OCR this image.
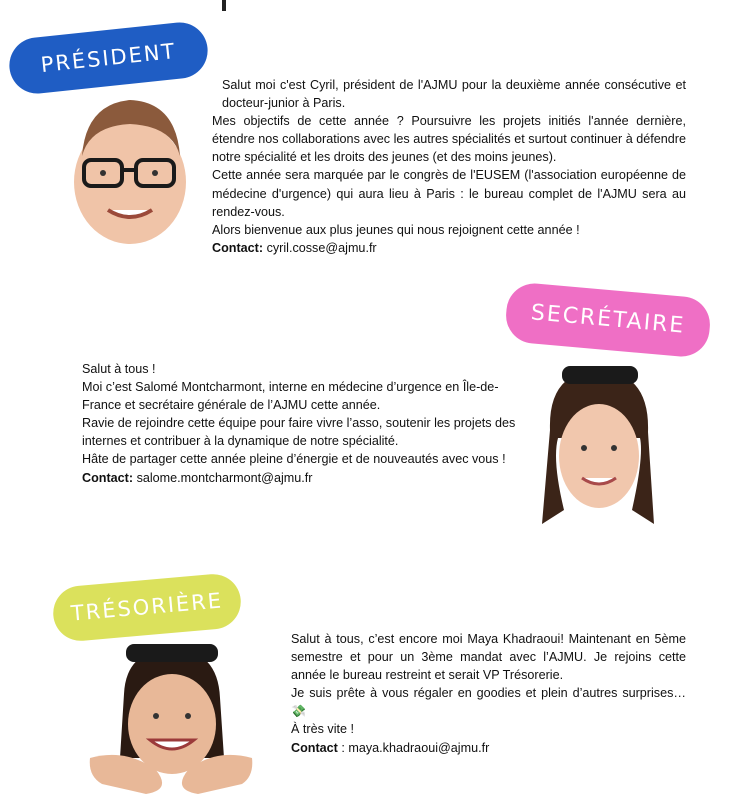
PRÉSIDENT

Salut moi c'est Cyril, président de l'AJMU pour la deuxième année consécutive et docteur-junior à Paris.

Mes objectifs de cette année ? Poursuivre les projets initiés l'année dernière, étendre nos collaborations avec les autres spécialités et surtout continuer à défendre notre spécialité et les droits des jeunes (et des moins jeunes).

Cette année sera marquée par le congrès de l'EUSEM (l'association européenne de médecine d'urgence) qui aura lieu à Paris : le bureau complet de l'AJMU sera au rendez-vous.

Alors bienvenue aux plus jeunes qui nous rejoignent cette année !

Contact: cyril.cosse@ajmu.fr

SECRÉTAIRE

Salut à tous !

Moi c’est Salomé Montcharmont, interne en médecine d’urgence en Île-de-France et secrétaire générale de l’AJMU cette année.

Ravie de rejoindre cette équipe pour faire vivre l’asso, soutenir les projets des internes et contribuer à la dynamique de notre spécialité.

Hâte de partager cette année pleine d’énergie et de nouveautés avec vous !

Contact: salome.montcharmont@ajmu.fr

TRÉSORIÈRE

Salut à tous, c’est encore moi Maya Khadraoui! Maintenant en 5ème semestre et pour un 3ème mandat avec l’AJMU. Je rejoins cette année le bureau restreint et serait VP Trésorerie.

Je suis prête à vous régaler en goodies et plein d’autres surprises… 💸

À très vite !

Contact : maya.khadraoui@ajmu.fr
